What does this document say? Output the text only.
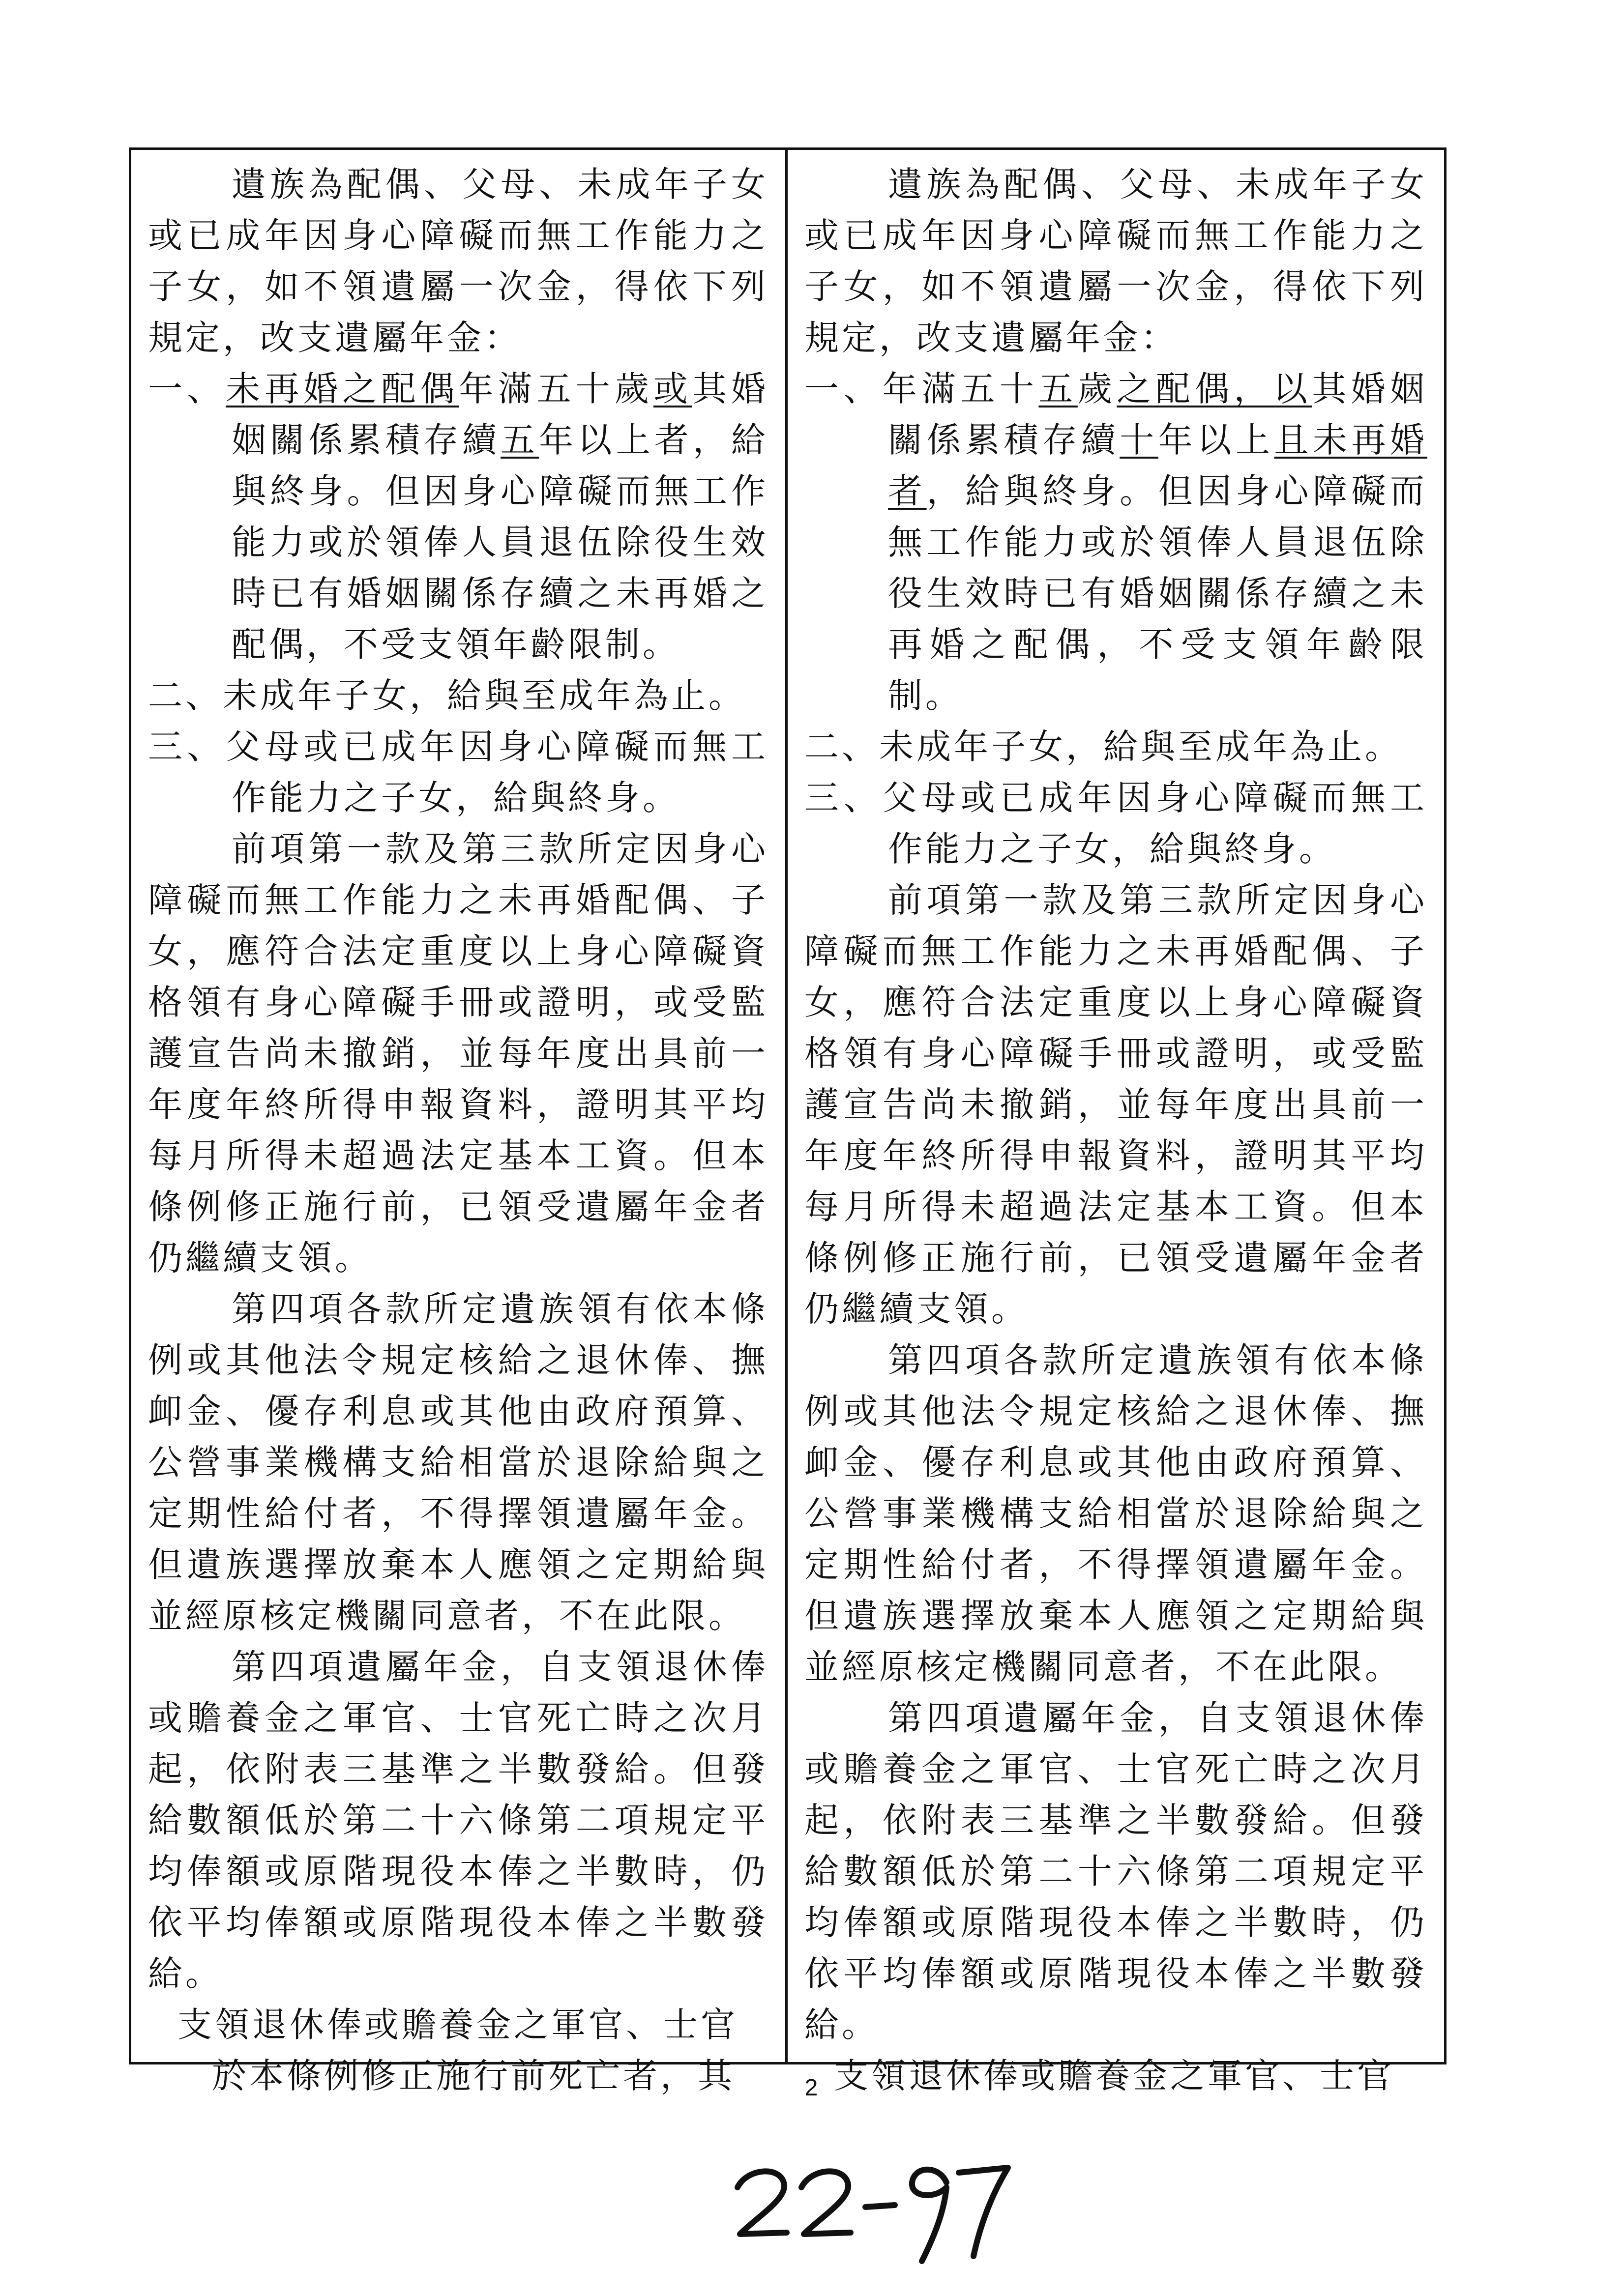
遺族為配偶、父母、未成年子女或已成年因身心障礙而無工作能力之子女，如不領遺屬一次金，得依下列規定，改支遺屬年金：

一、未再婚之配偶年滿五十歲或其婚姻關係累積存續五年以上者，給與終身。但因身心障礙而無工作能力或於領俸人員退伍除役生效時已有婚姻關係存續之未再婚之配偶，不受支領年齡限制。

二、未成年子女，給與至成年為止。

三、父母或已成年因身心障礙而無工作能力之子女，給與終身。

前項第一款及第三款所定因身心障礙而無工作能力之未再婚配偶、子女，應符合法定重度以上身心障礙資格領有身心障礙手冊或證明，或受監護宣告尚未撤銷，並每年度出具前一年度年終所得申報資料，證明其平均每月所得未超過法定基本工資。但本條例修正施行前，已領受遺屬年金者仍繼續支領。

第四項各款所定遺族領有依本條例或其他法令規定核給之退休俸、撫卹金、優存利息或其他由政府預算、公營事業機構支給相當於退除給與之定期性給付者，不得擇領遺屬年金。但遺族選擇放棄本人應領之定期給與並經原核定機關同意者，不在此限。

第四項遺屬年金，自支領退休俸或贍養金之軍官、士官死亡時之次月起，依附表三基準之半數發給。但發給數額低於第二十六條第二項規定平均俸額或原階現役本俸之半數時，仍依平均俸額或原階現役本俸之半數發給。

支領退休俸或贍養金之軍官、士官

於本條例修正施行前死亡者，其

遺族為配偶、父母、未成年子女或已成年因身心障礙而無工作能力之子女，如不領遺屬一次金，得依下列規定，改支遺屬年金：

一、年滿五十五歲之配偶，以其婚姻關係累積存續十年以上且未再婚者，給與終身。但因身心障礙而無工作能力或於領俸人員退伍除役生效時已有婚姻關係存續之未再婚之配偶，不受支領年齡限制。

二、未成年子女，給與至成年為止。

三、父母或已成年因身心障礙而無工作能力之子女，給與終身。

前項第一款及第三款所定因身心障礙而無工作能力之未再婚配偶、子女，應符合法定重度以上身心障礙資格領有身心障礙手冊或證明，或受監護宣告尚未撤銷，並每年度出具前一年度年終所得申報資料，證明其平均每月所得未超過法定基本工資。但本條例修正施行前，已領受遺屬年金者仍繼續支領。

第四項各款所定遺族領有依本條例或其他法令規定核給之退休俸、撫卹金、優存利息或其他由政府預算、公營事業機構支給相當於退除給與之定期性給付者，不得擇領遺屬年金。但遺族選擇放棄本人應領之定期給與並經原核定機關同意者，不在此限。

第四項遺屬年金，自支領退休俸或贍養金之軍官、士官死亡時之次月起，依附表三基準之半數發給。但發給數額低於第二十六條第二項規定平均俸額或原階現役本俸之半數時，仍依平均俸額或原階現役本俸之半數發給。

支領退休俸或贍養金之軍官、士官

2
